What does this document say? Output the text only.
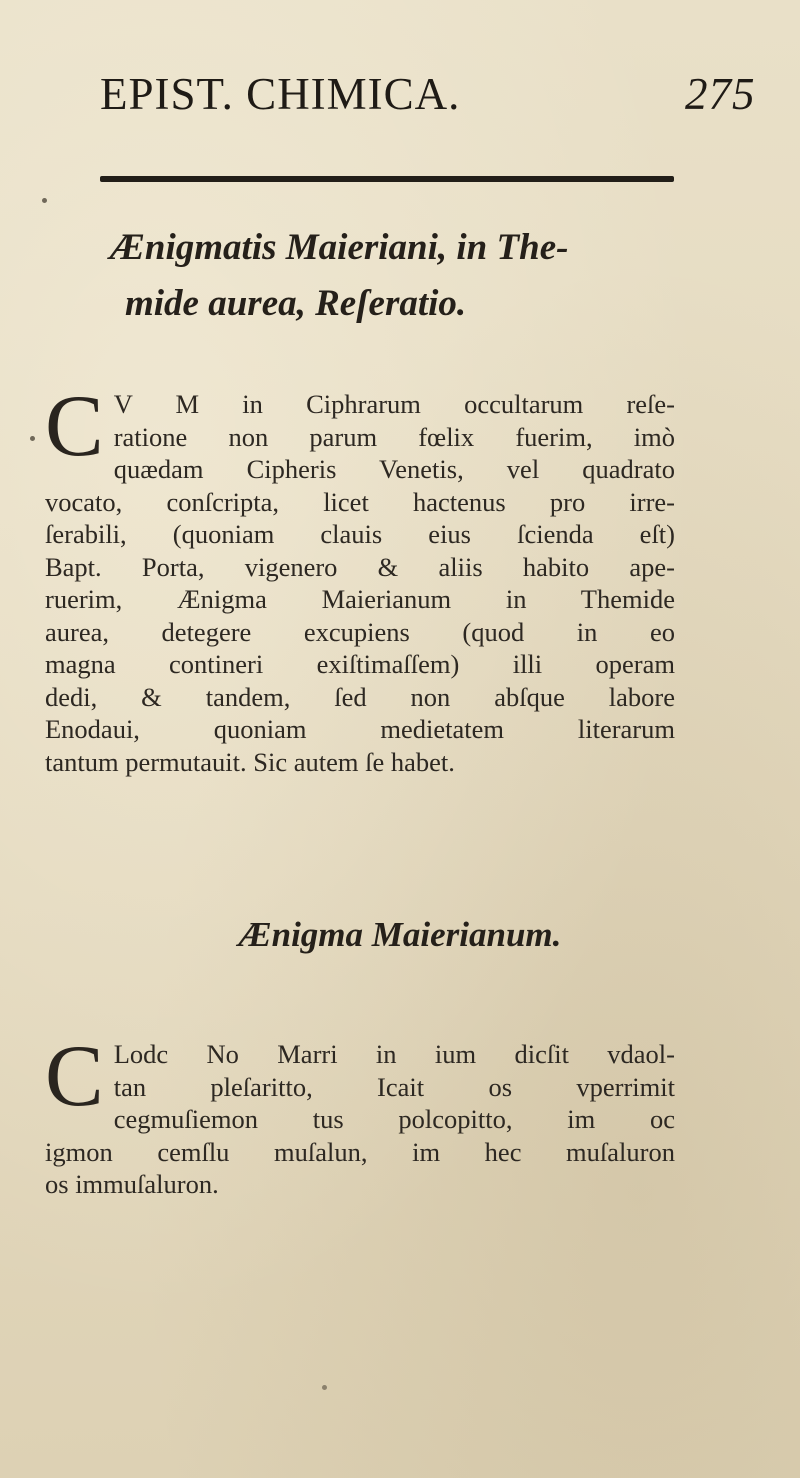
EPIST. CHIMICA.	275
Ænigmatis Maieriani, in The-
mide aurea, Reſeratio.
C V M in Ciphrarum occultarum reſe-
ratione non parum fœlix fuerim, imò
quædam Cipheris Venetis, vel quadrato
vocato, conſcripta, licet hactenus pro irre-
ſerabili, (quoniam clauis eius ſcienda eſt)
Bapt. Porta, vigenero & aliis habito ape-
ruerim, Ænigma Maierianum in Themide
aurea, detegere excupiens (quod in eo
magna contineri exiſtimaſſem) illi operam
dedi, & tandem, ſed non abſque labore
Enodaui, quoniam medietatem literarum
tantum permutauit. Sic autem ſe habet.
Ænigma Maierianum.
C Lodc No Marri in ium dicſit vdaol-
tan pleſaritto, Icait os vperrimit
cegmuſiemon tus polcopitto, im oc
igmon cemſlu muſalun, im hec muſaluron
os immuſaluron.
